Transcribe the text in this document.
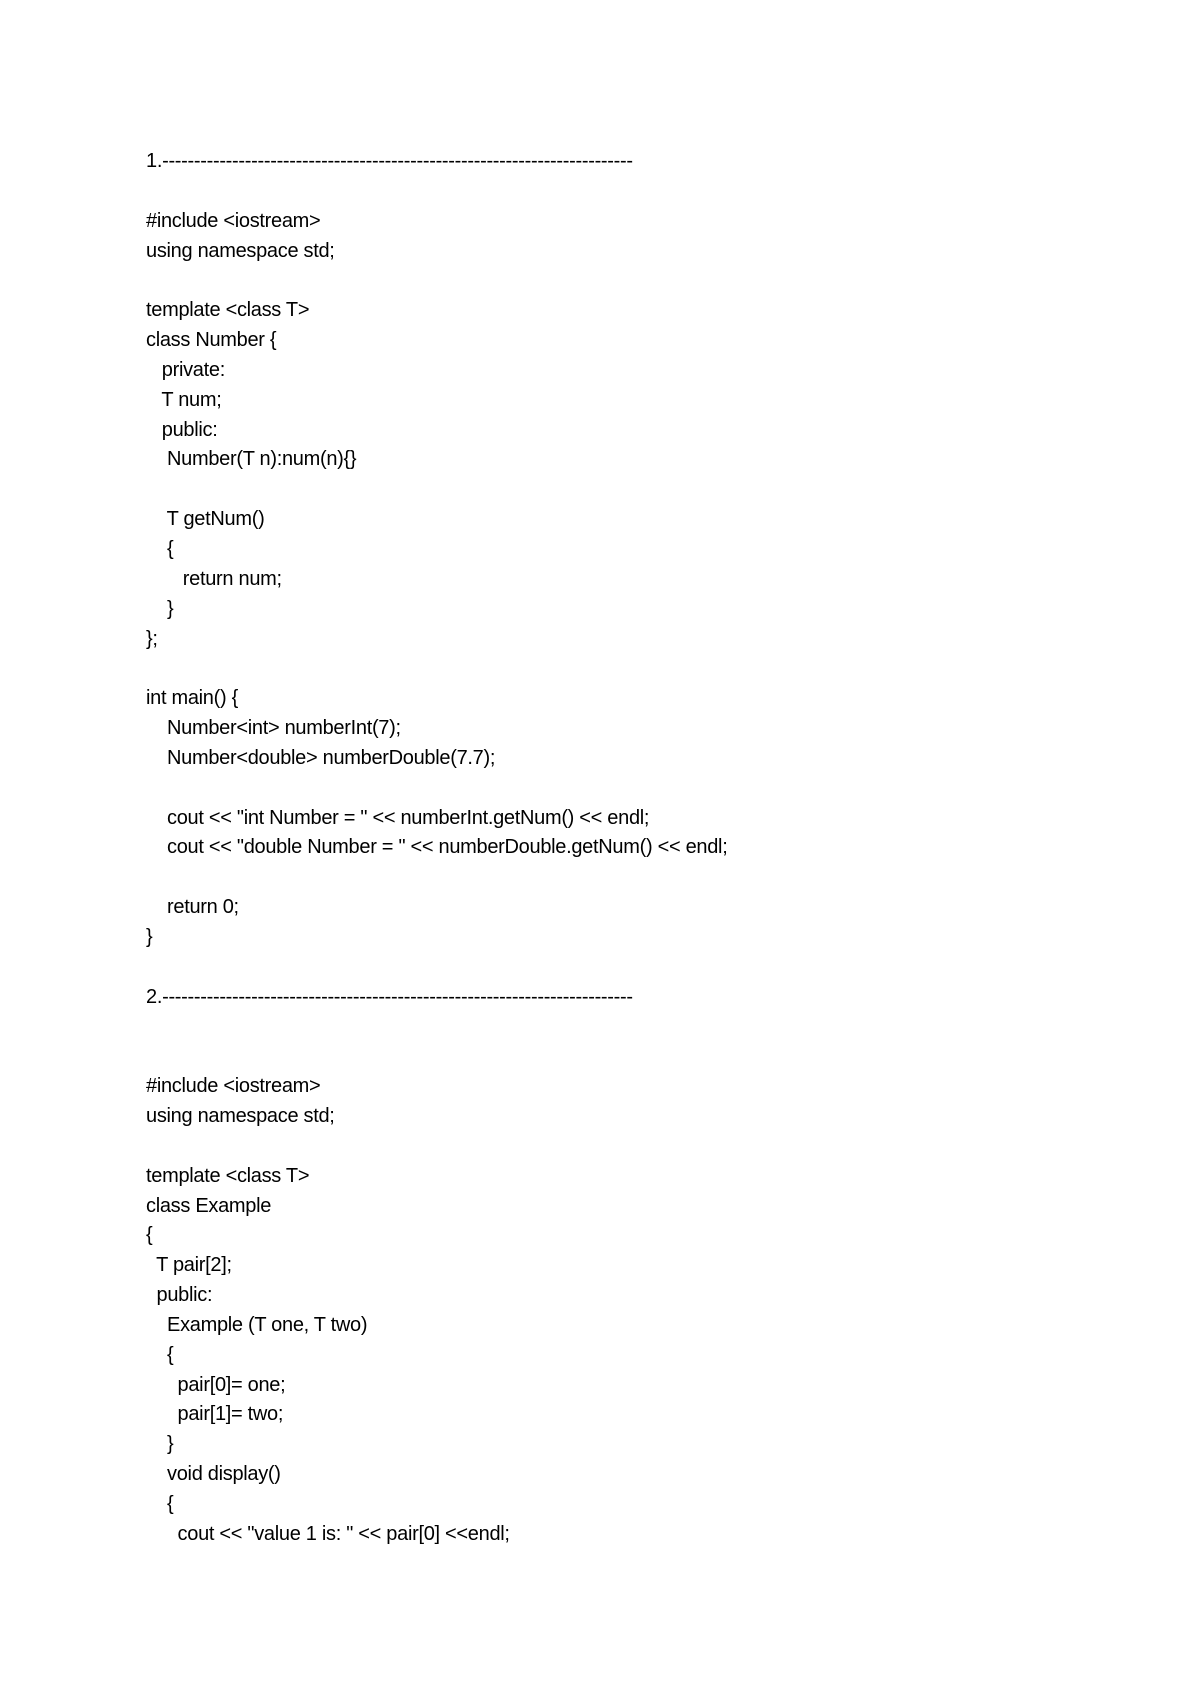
1.--------------------------------------------------------------------------
#include <iostream>
using namespace std;
template <class T>
class Number {
private:
T num;
public:
Number(T n):num(n){}
T getNum()
{
return num;
}
};
int main() {
Number<int> numberInt(7);
Number<double> numberDouble(7.7);
cout << "int Number = " << numberInt.getNum() << endl;
cout << "double Number = " << numberDouble.getNum() << endl;
return 0;
}
2.--------------------------------------------------------------------------
#include <iostream>
using namespace std;
template <class T>
class Example
{
T pair[2];
public:
Example (T one, T two)
{
pair[0]= one;
pair[1]= two;
}
void display()
{
cout << "value 1 is: " << pair[0] <<endl;
